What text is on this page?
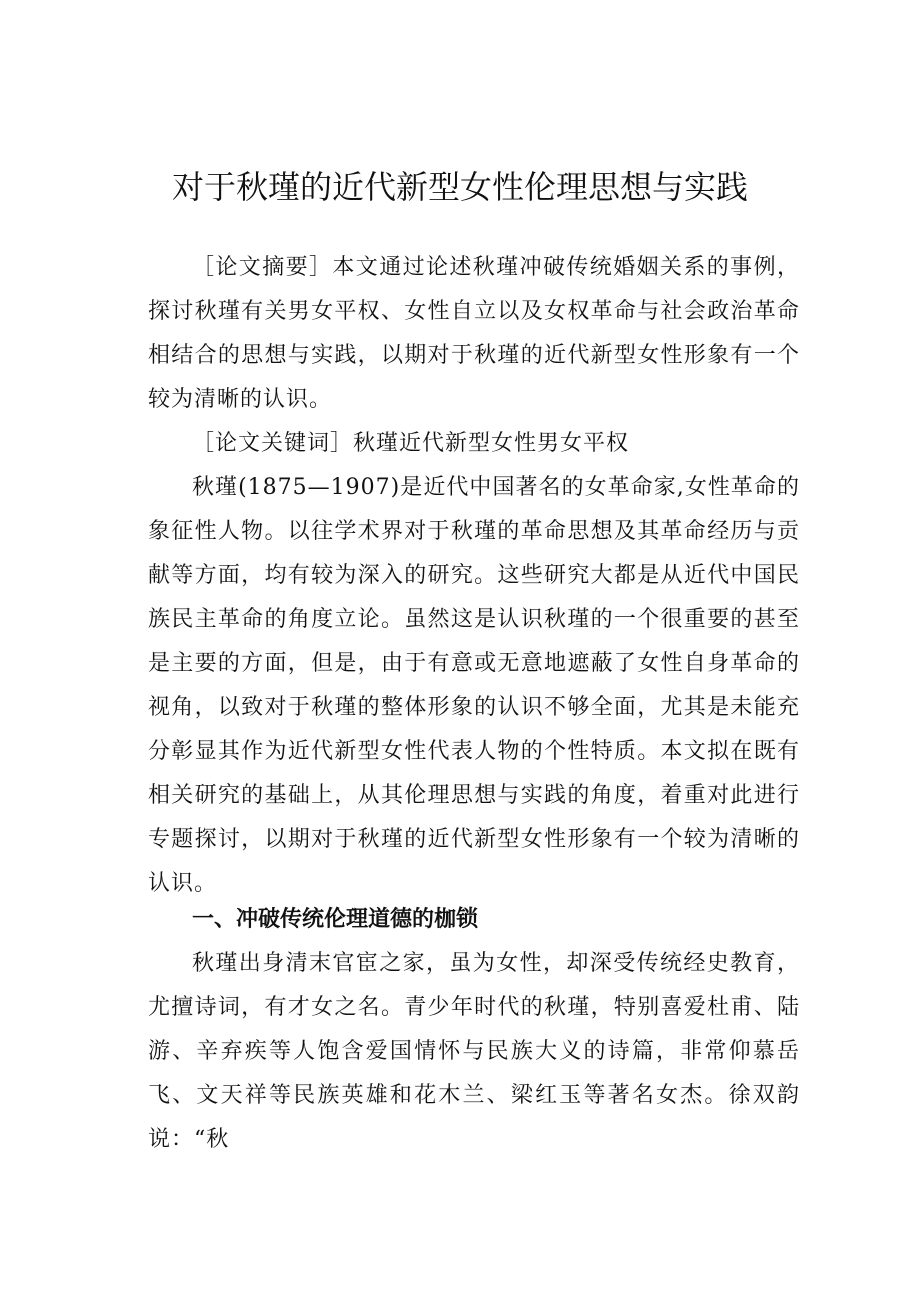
对于秋瑾的近代新型女性伦理思想与实践

［论文摘要］本文通过论述秋瑾冲破传统婚姻关系的事例，探讨秋瑾有关男女平权、女性自立以及女权革命与社会政治革命相结合的思想与实践，以期对于秋瑾的近代新型女性形象有一个较为清晰的认识。

［论文关键词］秋瑾近代新型女性男女平权

秋瑾(1875—1907)是近代中国著名的女革命家,女性革命的象征性人物。以往学术界对于秋瑾的革命思想及其革命经历与贡献等方面，均有较为深入的研究。这些研究大都是从近代中国民族民主革命的角度立论。虽然这是认识秋瑾的一个很重要的甚至是主要的方面，但是，由于有意或无意地遮蔽了女性自身革命的视角，以致对于秋瑾的整体形象的认识不够全面，尤其是未能充分彰显其作为近代新型女性代表人物的个性特质。本文拟在既有相关研究的基础上，从其伦理思想与实践的角度，着重对此进行专题探讨，以期对于秋瑾的近代新型女性形象有一个较为清晰的认识。

一、冲破传统伦理道德的枷锁

秋瑾出身清末官宦之家，虽为女性，却深受传统经史教育，尤擅诗词，有才女之名。青少年时代的秋瑾，特别喜爱杜甫、陆游、辛弃疾等人饱含爱国情怀与民族大义的诗篇，非常仰慕岳飞、文天祥等民族英雄和花木兰、梁红玉等著名女杰。徐双韵说：“秋
